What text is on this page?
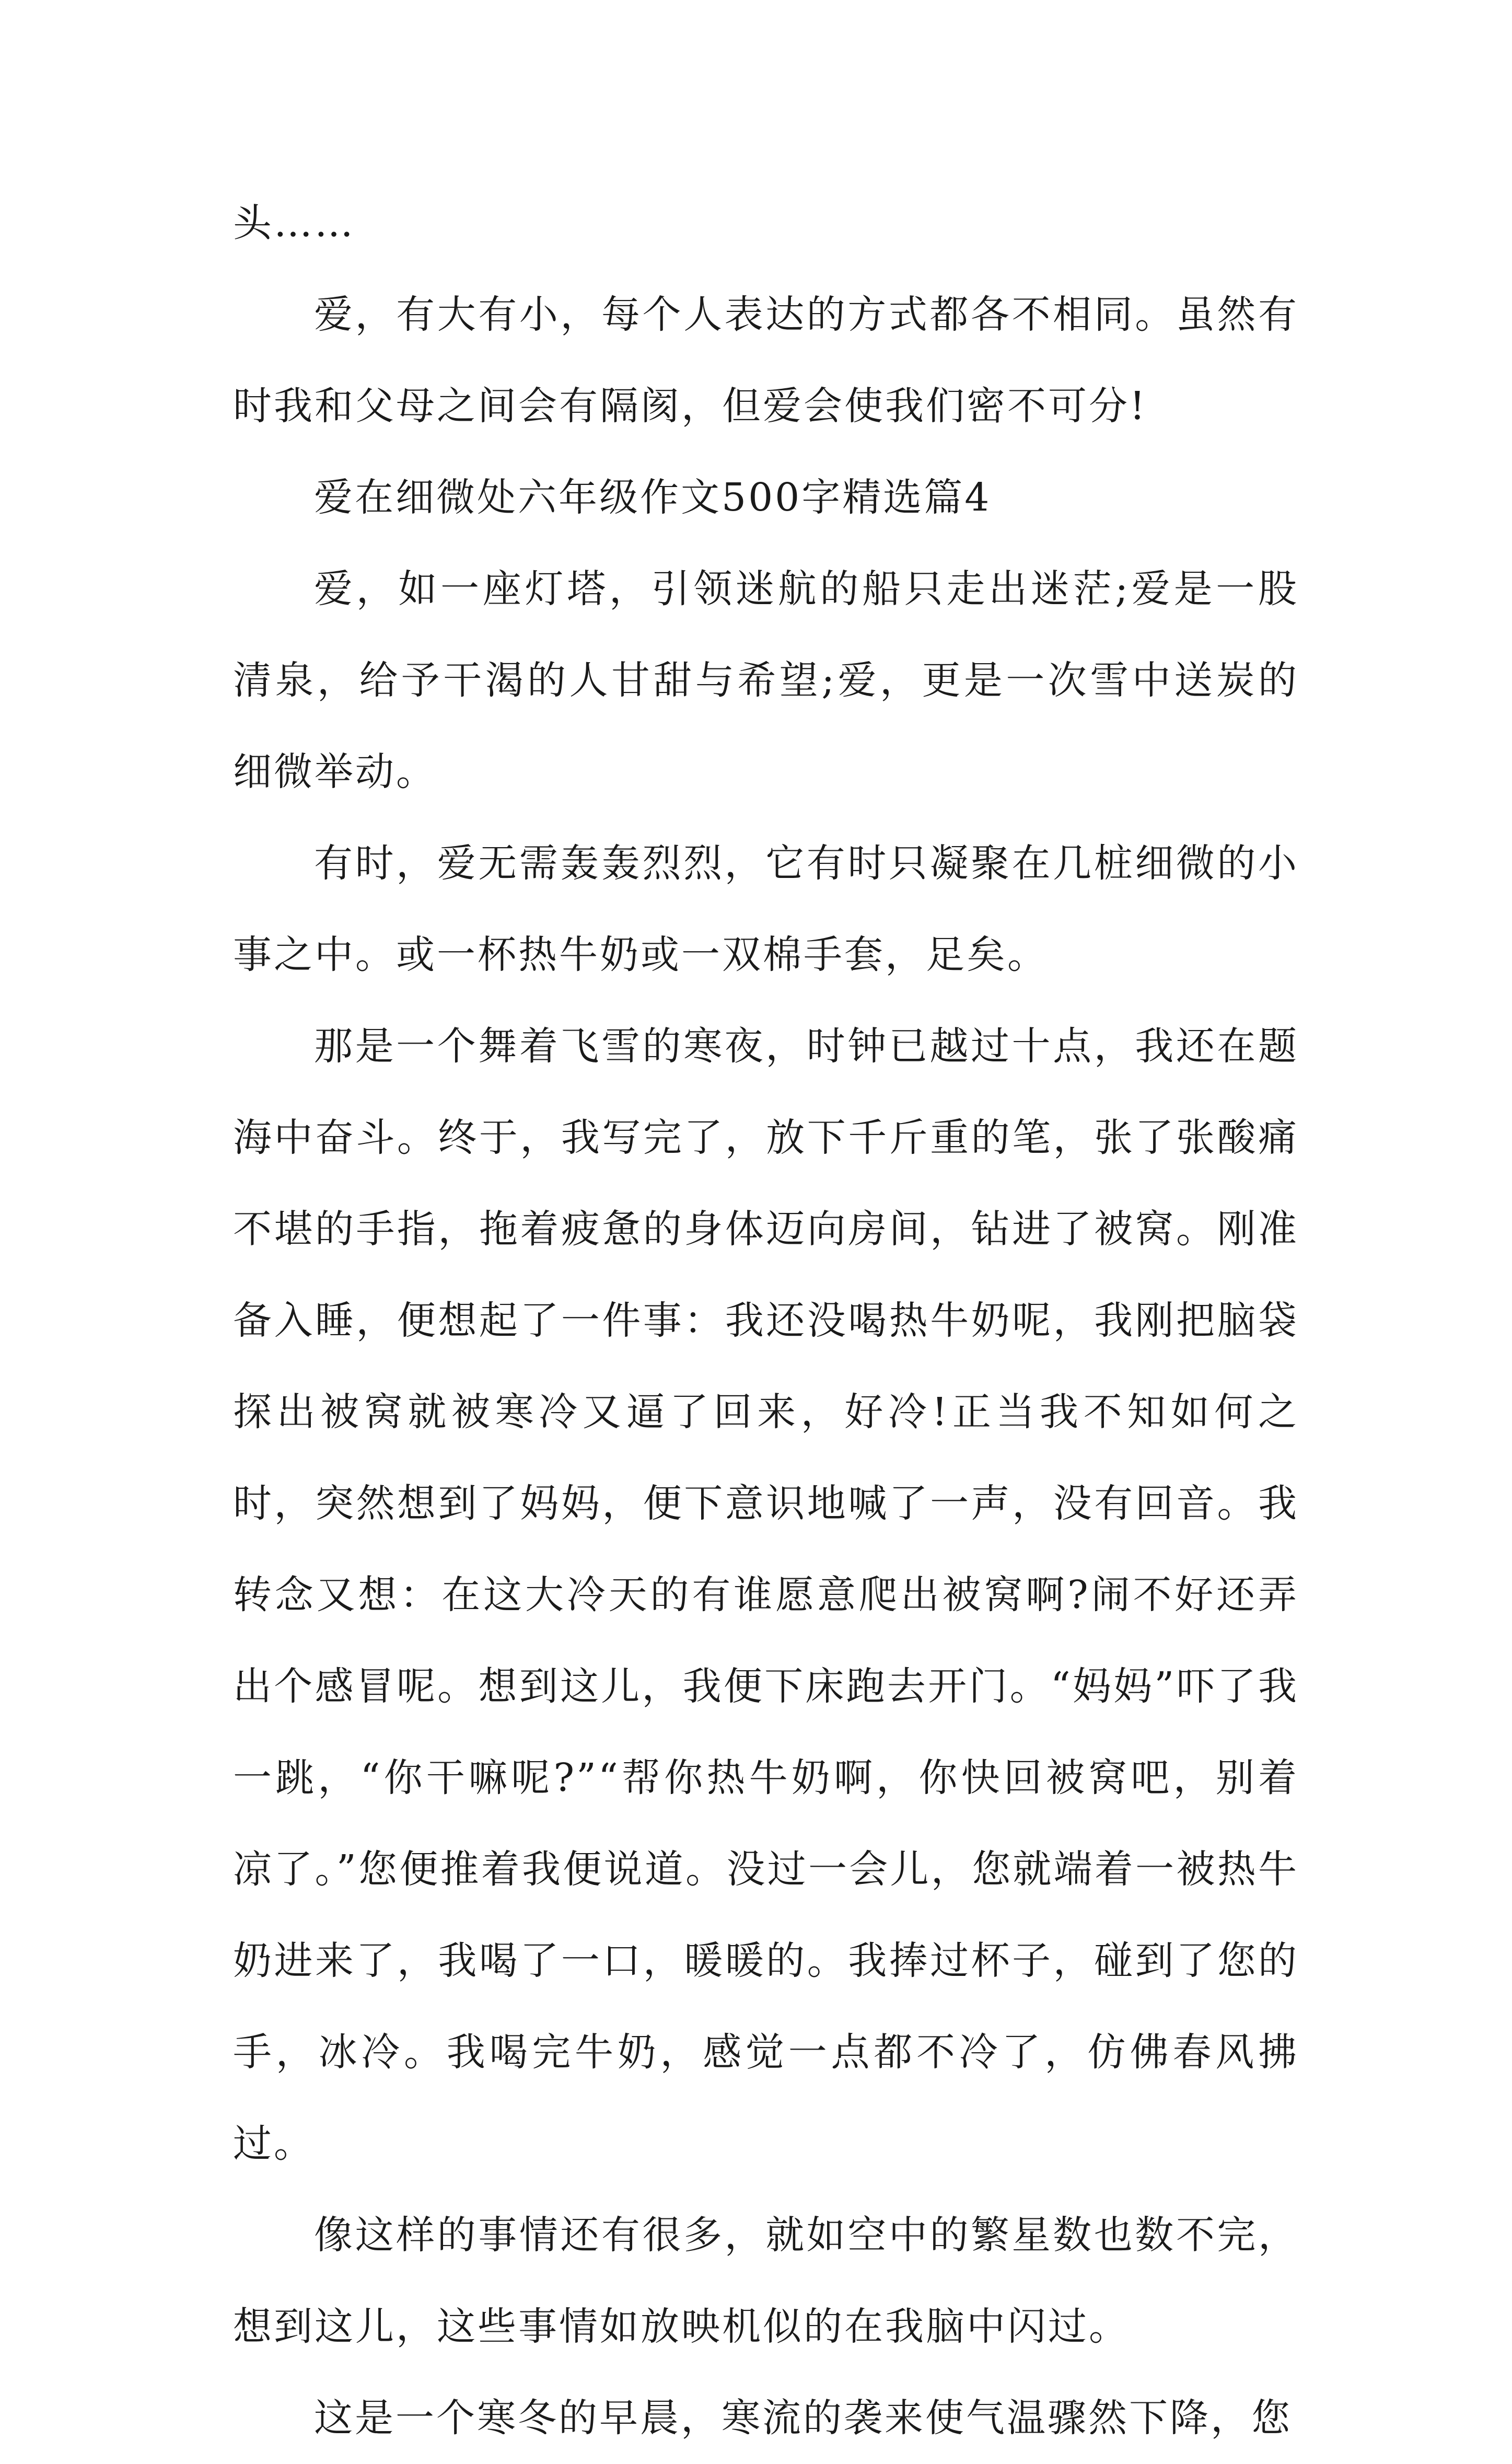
头……

爱，有大有小，每个人表达的方式都各不相同。虽然有时我和父母之间会有隔阂，但爱会使我们密不可分!

爱在细微处六年级作文500字精选篇4

爱，如一座灯塔，引领迷航的船只走出迷茫;爱是一股清泉，给予干渴的人甘甜与希望;爱，更是一次雪中送炭的细微举动。

有时，爱无需轰轰烈烈，它有时只凝聚在几桩细微的小事之中。或一杯热牛奶或一双棉手套，足矣。

那是一个舞着飞雪的寒夜，时钟已越过十点，我还在题海中奋斗。终于，我写完了，放下千斤重的笔，张了张酸痛不堪的手指，拖着疲惫的身体迈向房间，钻进了被窝。刚准备入睡，便想起了一件事：我还没喝热牛奶呢，我刚把脑袋探出被窝就被寒冷又逼了回来，好冷!正当我不知如何之时，突然想到了妈妈，便下意识地喊了一声，没有回音。我转念又想：在这大冷天的有谁愿意爬出被窝啊?闹不好还弄出个感冒呢。想到这儿，我便下床跑去开门。“妈妈”吓了我一跳，“你干嘛呢?”“帮你热牛奶啊，你快回被窝吧，别着凉了。”您便推着我便说道。没过一会儿，您就端着一被热牛奶进来了，我喝了一口，暖暖的。我捧过杯子，碰到了您的手，冰冷。我喝完牛奶，感觉一点都不冷了，仿佛春风拂过。

像这样的事情还有很多，就如空中的繁星数也数不完，想到这儿，这些事情如放映机似的在我脑中闪过。

这是一个寒冬的早晨，寒流的袭来使气温骤然下降，您
